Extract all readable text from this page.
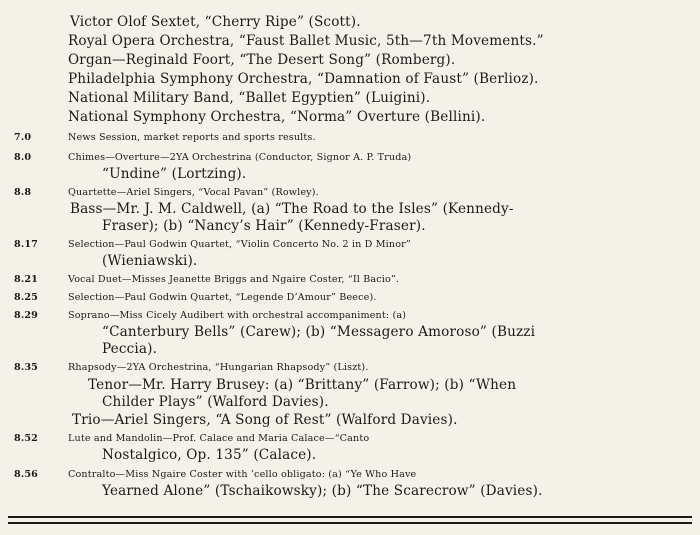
Victor Olof Sextet, “Cherry Ripe” (Scott).
Royal Opera Orchestra, “Faust Ballet Music, 5th—7th Movements.”
Organ—Reginald Foort, “The Desert Song” (Romberg).
Philadelphia Symphony Orchestra, “Damnation of Faust” (Berlioz).
National Military Band, “Ballet Egyptien” (Luigini).
National Symphony Orchestra, “Norma” Overture (Bellini).
7.0	News Session, market reports and sports results.
8.0	Chimes—Overture—2YA Orchestrina (Conductor, Signor A. P. Truda)
“Undine” (Lortzing).
8.8	Quartette—Ariel Singers, “Vocal Pavan” (Rowley).
Bass—Mr. J. M. Caldwell, (a) “The Road to the Isles” (Kennedy-
Fraser); (b) “Nancy’s Hair” (Kennedy-Fraser).
8.17	Selection—Paul Godwin Quartet, “Violin Concerto No. 2 in D Minor”
(Wieniawski).
8.21	Vocal Duet—Misses Jeanette Briggs and Ngaire Coster, “Il Bacio”.
8.25	Selection—Paul Godwin Quartet, “Legende D’Amour” Beece).
8.29	Soprano—Miss Cicely Audibert with orchestral accompaniment: (a)
“Canterbury Bells” (Carew); (b) “Messagero Amoroso” (Buzzi
Peccia).
8.35	Rhapsody—2YA Orchestrina, “Hungarian Rhapsody” (Liszt).
Tenor—Mr. Harry Brusey: (a) “Brittany” (Farrow); (b) “When
Childer Plays” (Walford Davies).
Trio—Ariel Singers, “A Song of Rest” (Walford Davies).
8.52	Lute and Mandolin—Prof. Calace and Maria Calace—“Canto
Nostalgico, Op. 135” (Calace).
8.56	Contralto—Miss Ngaire Coster with ’cello obligato: (a) “Ye Who Have
Yearned Alone” (Tschaikowsky); (b) “The Scarecrow” (Davies).
